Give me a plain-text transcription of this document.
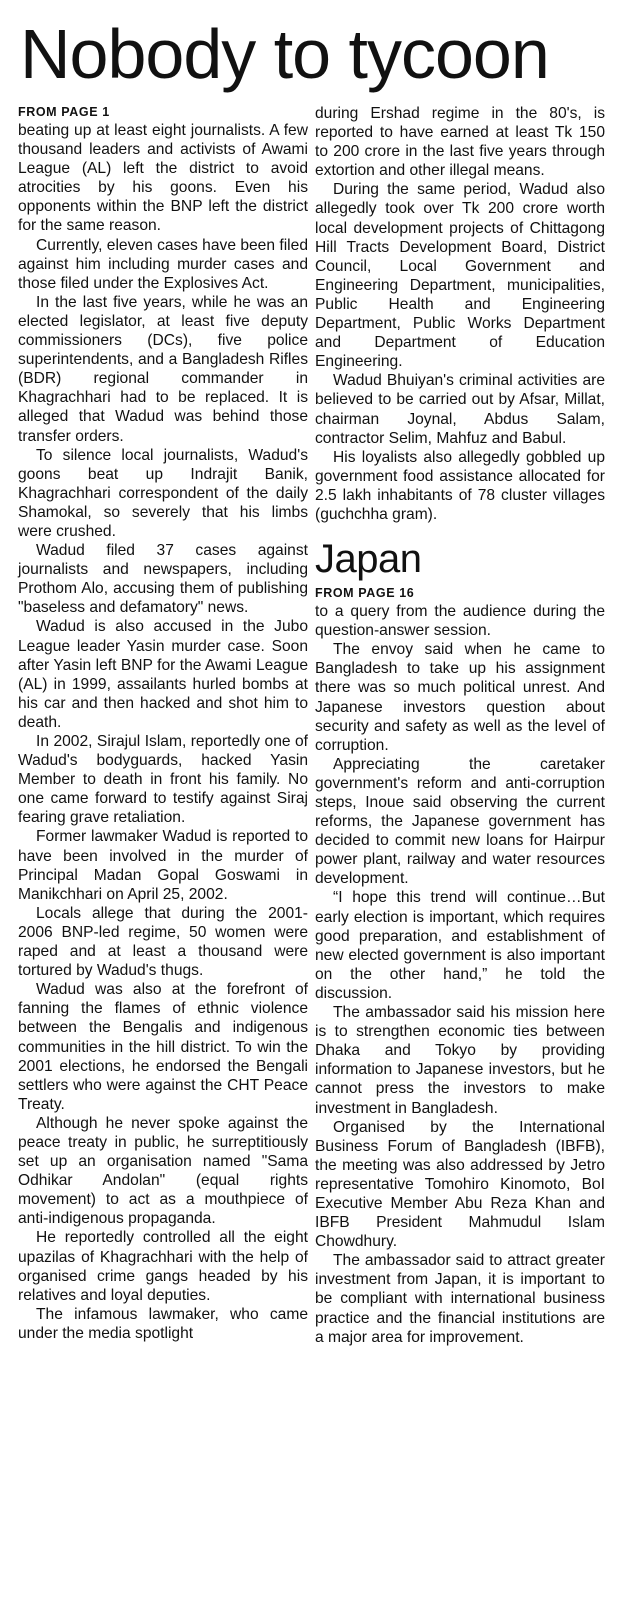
Nobody to tycoon
FROM PAGE 1

beating up at least eight journalists. A few thousand leaders and activists of Awami League (AL) left the district to avoid atrocities by his goons. Even his opponents within the BNP left the district for the same reason.

Currently, eleven cases have been filed against him including murder cases and those filed under the Explosives Act.

In the last five years, while he was an elected legislator, at least five deputy commissioners (DCs), five police superintendents, and a Bangladesh Rifles (BDR) regional commander in Khagrachhari had to be replaced. It is alleged that Wadud was behind those transfer orders.

To silence local journalists, Wadud's goons beat up Indrajit Banik, Khagrachhari correspondent of the daily Shamokal, so severely that his limbs were crushed.

Wadud filed 37 cases against journalists and newspapers, including Prothom Alo, accusing them of publishing "baseless and defamatory" news.

Wadud is also accused in the Jubo League leader Yasin murder case. Soon after Yasin left BNP for the Awami League (AL) in 1999, assailants hurled bombs at his car and then hacked and shot him to death.

In 2002, Sirajul Islam, reportedly one of Wadud's bodyguards, hacked Yasin Member to death in front his family. No one came forward to testify against Siraj fearing grave retaliation.

Former lawmaker Wadud is reported to have been involved in the murder of Principal Madan Gopal Goswami in Manikchhari on April 25, 2002.

Locals allege that during the 2001-2006 BNP-led regime, 50 women were raped and at least a thousand were tortured by Wadud's thugs.

Wadud was also at the forefront of fanning the flames of ethnic violence between the Bengalis and indigenous communities in the hill district. To win the 2001 elections, he endorsed the Bengali settlers who were against the CHT Peace Treaty.

Although he never spoke against the peace treaty in public, he surreptitiously set up an organisation named "Sama Odhikar Andolan" (equal rights movement) to act as a mouthpiece of anti-indigenous propaganda.

He reportedly controlled all the eight upazilas of Khagrachhari with the help of organised crime gangs headed by his relatives and loyal deputies.

The infamous lawmaker, who came under the media spotlight

during Ershad regime in the 80's, is reported to have earned at least Tk 150 to 200 crore in the last five years through extortion and other illegal means.

During the same period, Wadud also allegedly took over Tk 200 crore worth local development projects of Chittagong Hill Tracts Development Board, District Council, Local Government and Engineering Department, municipalities, Public Health and Engineering Department, Public Works Department and Department of Education Engineering.

Wadud Bhuiyan's criminal activities are believed to be carried out by Afsar, Millat, chairman Joynal, Abdus Salam, contractor Selim, Mahfuz and Babul.

His loyalists also allegedly gobbled up government food assistance allocated for 2.5 lakh inhabitants of 78 cluster villages (guchchha gram).

Japan
FROM PAGE 16

to a query from the audience during the question-answer session.

The envoy said when he came to Bangladesh to take up his assignment there was so much political unrest. And Japanese investors question about security and safety as well as the level of corruption.

Appreciating the caretaker government's reform and anti-corruption steps, Inoue said observing the current reforms, the Japanese government has decided to commit new loans for Hairpur power plant, railway and water resources development.

“I hope this trend will continue…But early election is important, which requires good preparation, and establishment of new elected government is also important on the other hand,” he told the discussion.

The ambassador said his mission here is to strengthen economic ties between Dhaka and Tokyo by providing information to Japanese investors, but he cannot press the investors to make investment in Bangladesh.

Organised by the International Business Forum of Bangladesh (IBFB), the meeting was also addressed by Jetro representative Tomohiro Kinomoto, BoI Executive Member Abu Reza Khan and IBFB President Mahmudul Islam Chowdhury.

The ambassador said to attract greater investment from Japan, it is important to be compliant with international business practice and the financial institutions are a major area for improvement.
